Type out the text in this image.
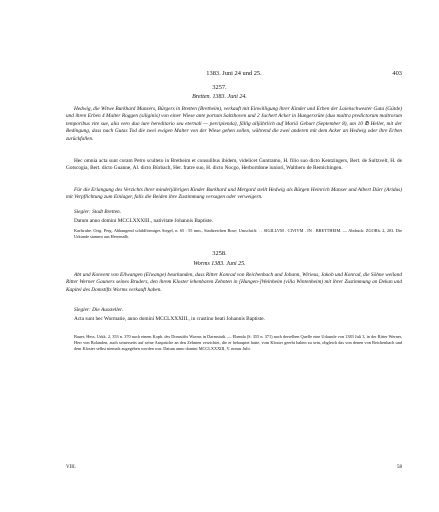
1383. Juni 24 und 25.	403
3257.
Bretten. 1383. Juni 24.
Hedwig, die Witwe Burkhard Munzers, Bürgers in Bretten (Bretheim), verkauft mit Einwilligung ihrer Kinder und Erben der Laienschwester Guta (Gütde) und ihren Erben 4 Malter Roggen (siliginis) von einer Wiese ante portam Saltzhoven und 2 Juchert Acker in Hungersrüte (duo maltra predictorum maltrorum temporibus vite sue, alia vero duo iure hereditario seu eternali — percipienda), fällig alljährlich auf Mariä Geburt (September 8), um 10 ℔ Heller, mit der Bedingung, dass nach Gutas Tod die zwei ewigen Malter von der Wiese gehen sollen, während die zwei anderen mit dem Acker an Hedwig oder ihre Erben zurückfallen.
Hec omnia acta sunt coram Petro sculteto in Bretheim et consulibus ibidem, videlicet Guntramo, H. filio suo dicto Kentzingers, Bert. de Sultzvelt, H. de Gotscogia, Bert. dicto Guanne, Al. dicto Bürbach, Her. fratre suo, H. dicto Nocgo, Herbortdone iuniori, Walthero de Remichingen.
Für die Erlangung des Verzichts ihrer minderjährigen Kinder Burkhard und Mergard stellt Hedwig als Bürgen Heinrich Manser und Albert Dürr (Aridus) mit Verpflichtung zum Einlager, falls die Beiden ihre Zustimmung versagen oder verweigern.
Siegler: Stadt Bretten.
Datum anno domini MCCLXXXIII., nativitate Johannis Baptiste.
Karlsruhe. Orig. Perg. Abhangend schildförmiges Siegel, n. 65 : 55 mm., Stadtzeichen Rose; Umschrift: . . SIGILLVM . CIVIVM . IN . BRETTHEIM. — Abdruck: ZGORh. 2, 203. Die Urkunde stammt aus Herrenalb.
3258.
Worms 1383. Juni 25.
Abt und Konvent von Ellwangen (Elwange) beurkunden, dass Ritter Konrad von Reichenbach und Johann, Wirieus, Jakob und Konrad, die Söhne weiland Ritter Werner Gauners seines Bruders, den ihrem Kloster lehenbaren Zehnten in [Hungen-]Weinheim (villa Wintenheim) mit ihrer Zustimmung an Dekan und Kapitel des Domstifts Worms verkauft haben.
Siegler: Die Aussteller.
Acta sunt hec Wormatie, anno domini MCCLXXXIII., in crastino beati Johannis Baptiste.
Bauer, Hess. Urkk. 2, 353 n. 370 nach einem Kopb. des Domstifts Worms in Darmstadt. — Ebenda (S. 355 n. 371) nach derselben Quelle eine Urkunde von 1383 Juli 3, in der Ritter Werner, Herr von Bolanden, auch seinerseits auf seine Ansprüche an den Zehnten verzichtet, die er behauptet hatte, vom Kloster geerbt haben zu sein, obgleich das von denen von Reichenbach und dem Kloster selbst niemals zugegeben worden war. Datum anno domini MCCLXXXIII, V. nonas Julii.
VIII.	58
